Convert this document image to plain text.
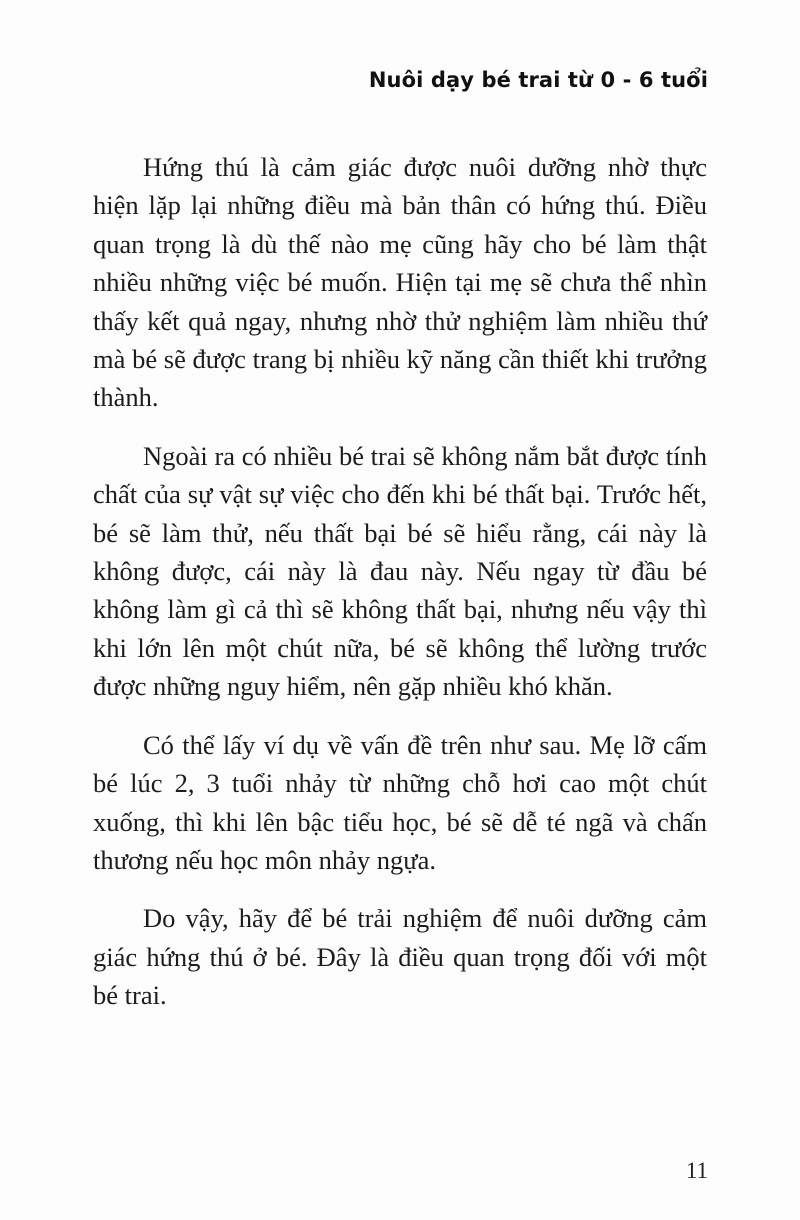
Nuôi dạy bé trai từ 0 - 6 tuổi

Hứng thú là cảm giác được nuôi dưỡng nhờ thực hiện lặp lại những điều mà bản thân có hứng thú. Điều quan trọng là dù thế nào mẹ cũng hãy cho bé làm thật nhiều những việc bé muốn. Hiện tại mẹ sẽ chưa thể nhìn thấy kết quả ngay, nhưng nhờ thử nghiệm làm nhiều thứ mà bé sẽ được trang bị nhiều kỹ năng cần thiết khi trưởng thành.

Ngoài ra có nhiều bé trai sẽ không nắm bắt được tính chất của sự vật sự việc cho đến khi bé thất bại. Trước hết, bé sẽ làm thử, nếu thất bại bé sẽ hiểu rằng, cái này là không được, cái này là đau này. Nếu ngay từ đầu bé không làm gì cả thì sẽ không thất bại, nhưng nếu vậy thì khi lớn lên một chút nữa, bé sẽ không thể lường trước được những nguy hiểm, nên gặp nhiều khó khăn.

Có thể lấy ví dụ về vấn đề trên như sau. Mẹ lỡ cấm bé lúc 2, 3 tuổi nhảy từ những chỗ hơi cao một chút xuống, thì khi lên bậc tiểu học, bé sẽ dễ té ngã và chấn thương nếu học môn nhảy ngựa.

Do vậy, hãy để bé trải nghiệm để nuôi dưỡng cảm giác hứng thú ở bé. Đây là điều quan trọng đối với một bé trai.

11
